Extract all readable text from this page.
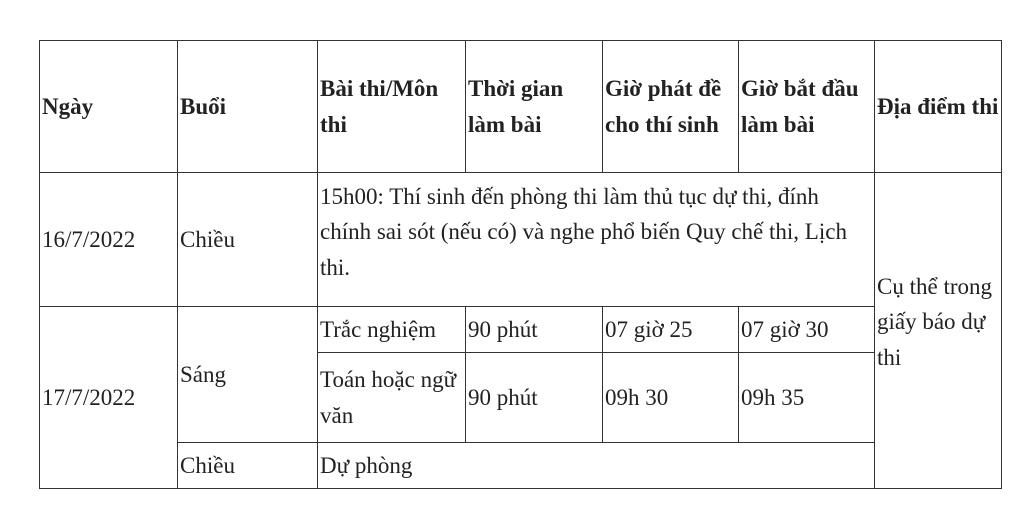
Ngày	Buổi	Bài thi/Môn thi	Thời gian làm bài	Giờ phát đề cho thí sinh	Giờ bắt đầu làm bài	Địa điểm thi
16/7/2022	Chiều	15h00: Thí sinh đến phòng thi làm thủ tục dự thi, đính chính sai sót (nếu có) và nghe phổ biến Quy chế thi, Lịch thi.				Cụ thể trong giấy báo dự thi
17/7/2022	Sáng	Trắc nghiệm	90 phút	07 giờ 25	07 giờ 30	
		Toán hoặc ngữ văn	90 phút	09h 30	09h 35	
	Chiều	Dự phòng				
